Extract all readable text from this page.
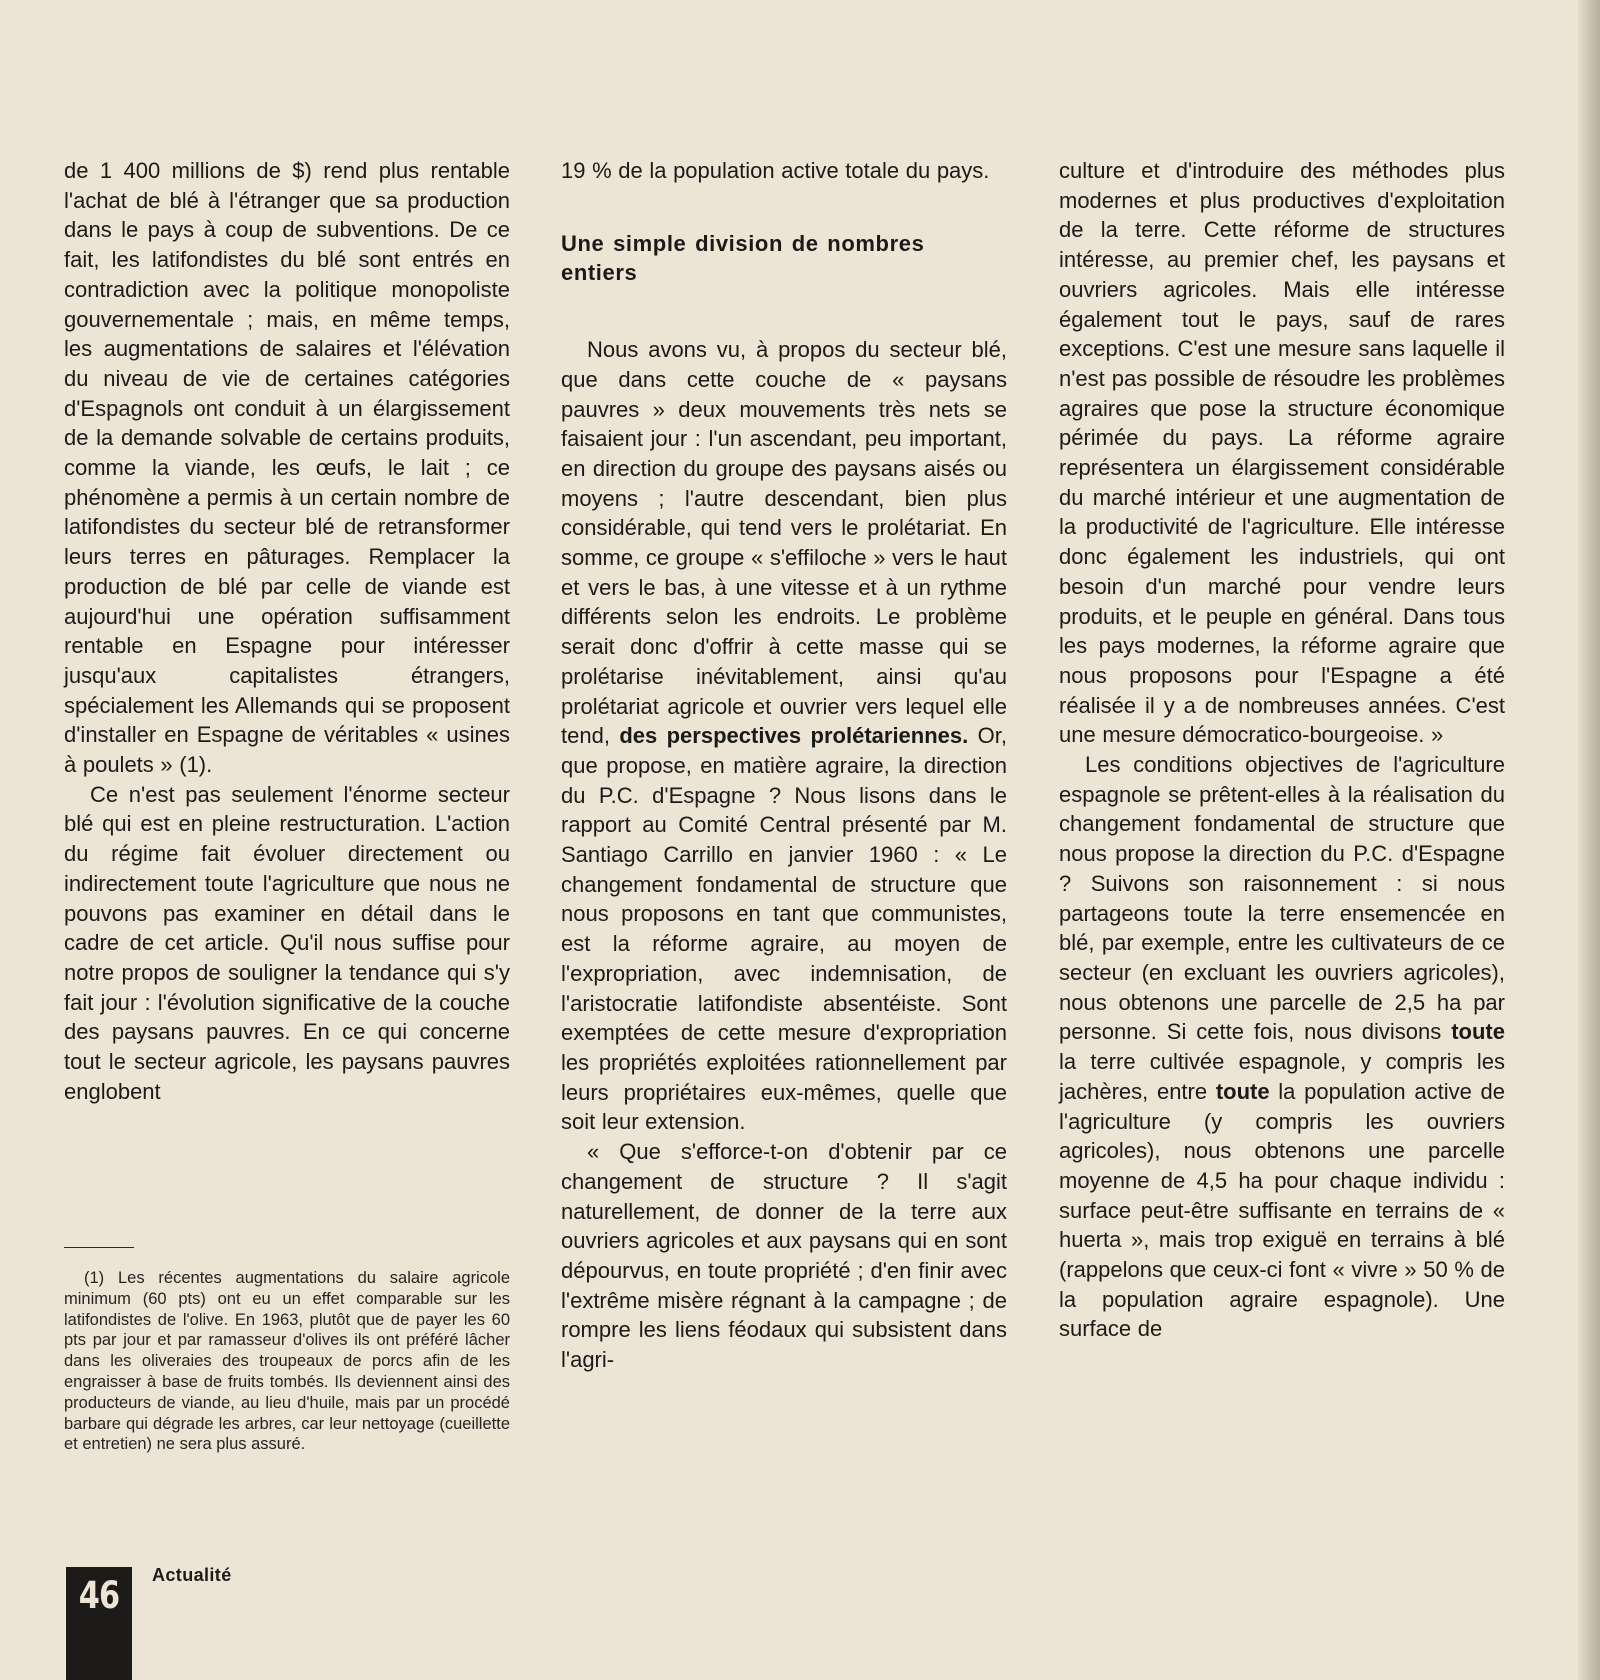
de 1 400 millions de $) rend plus rentable l'achat de blé à l'étranger que sa production dans le pays à coup de subventions. De ce fait, les latifondistes du blé sont entrés en contradiction avec la politique monopoliste gouvernementale ; mais, en même temps, les augmentations de salaires et l'élévation du niveau de vie de certaines catégories d'Espagnols ont conduit à un élargissement de la demande solvable de certains produits, comme la viande, les œufs, le lait ; ce phénomène a permis à un certain nombre de latifondistes du secteur blé de retransformer leurs terres en pâturages. Remplacer la production de blé par celle de viande est aujourd'hui une opération suffisamment rentable en Espagne pour intéresser jusqu'aux capitalistes étrangers, spécialement les Allemands qui se proposent d'installer en Espagne de véritables « usines à poulets » (1).

Ce n'est pas seulement l'énorme secteur blé qui est en pleine restructuration. L'action du régime fait évoluer directement ou indirectement toute l'agriculture que nous ne pouvons pas examiner en détail dans le cadre de cet article. Qu'il nous suffise pour notre propos de souligner la tendance qui s'y fait jour : l'évolution significative de la couche des paysans pauvres. En ce qui concerne tout le secteur agricole, les paysans pauvres englobent

(1) Les récentes augmentations du salaire agricole minimum (60 pts) ont eu un effet comparable sur les latifondistes de l'olive. En 1963, plutôt que de payer les 60 pts par jour et par ramasseur d'olives ils ont préféré lâcher dans les oliveraies des troupeaux de porcs afin de les engraisser à base de fruits tombés. Ils deviennent ainsi des producteurs de viande, au lieu d'huile, mais par un procédé barbare qui dégrade les arbres, car leur nettoyage (cueillette et entretien) ne sera plus assuré.

19 % de la population active totale du pays.

Une simple division de nombres entiers

Nous avons vu, à propos du secteur blé, que dans cette couche de « paysans pauvres » deux mouvements très nets se faisaient jour : l'un ascendant, peu important, en direction du groupe des paysans aisés ou moyens ; l'autre descendant, bien plus considérable, qui tend vers le prolétariat. En somme, ce groupe « s'effiloche » vers le haut et vers le bas, à une vitesse et à un rythme différents selon les endroits. Le problème serait donc d'offrir à cette masse qui se prolétarise inévitablement, ainsi qu'au prolétariat agricole et ouvrier vers lequel elle tend, des perspectives prolétariennes. Or, que propose, en matière agraire, la direction du P.C. d'Espagne ? Nous lisons dans le rapport au Comité Central présenté par M. Santiago Carrillo en janvier 1960 : « Le changement fondamental de structure que nous proposons en tant que communistes, est la réforme agraire, au moyen de l'expropriation, avec indemnisation, de l'aristocratie latifondiste absentéiste. Sont exemptées de cette mesure d'expropriation les propriétés exploitées rationnellement par leurs propriétaires eux-mêmes, quelle que soit leur extension.

« Que s'efforce-t-on d'obtenir par ce changement de structure ? Il s'agit naturellement, de donner de la terre aux ouvriers agricoles et aux paysans qui en sont dépourvus, en toute propriété ; d'en finir avec l'extrême misère régnant à la campagne ; de rompre les liens féodaux qui subsistent dans l'agri-

culture et d'introduire des méthodes plus modernes et plus productives d'exploitation de la terre. Cette réforme de structures intéresse, au premier chef, les paysans et ouvriers agricoles. Mais elle intéresse également tout le pays, sauf de rares exceptions. C'est une mesure sans laquelle il n'est pas possible de résoudre les problèmes agraires que pose la structure économique périmée du pays. La réforme agraire représentera un élargissement considérable du marché intérieur et une augmentation de la productivité de l'agriculture. Elle intéresse donc également les industriels, qui ont besoin d'un marché pour vendre leurs produits, et le peuple en général. Dans tous les pays modernes, la réforme agraire que nous proposons pour l'Espagne a été réalisée il y a de nombreuses années. C'est une mesure démocratico-bourgeoise. »

Les conditions objectives de l'agriculture espagnole se prêtent-elles à la réalisation du changement fondamental de structure que nous propose la direction du P.C. d'Espagne ? Suivons son raisonnement : si nous partageons toute la terre ensemencée en blé, par exemple, entre les cultivateurs de ce secteur (en excluant les ouvriers agricoles), nous obtenons une parcelle de 2,5 ha par personne. Si cette fois, nous divisons toute la terre cultivée espagnole, y compris les jachères, entre toute la population active de l'agriculture (y compris les ouvriers agricoles), nous obtenons une parcelle moyenne de 4,5 ha pour chaque individu : surface peut-être suffisante en terrains de « huerta », mais trop exiguë en terrains à blé (rappelons que ceux-ci font « vivre » 50 % de la population agraire espagnole). Une surface de

46	Actualité
